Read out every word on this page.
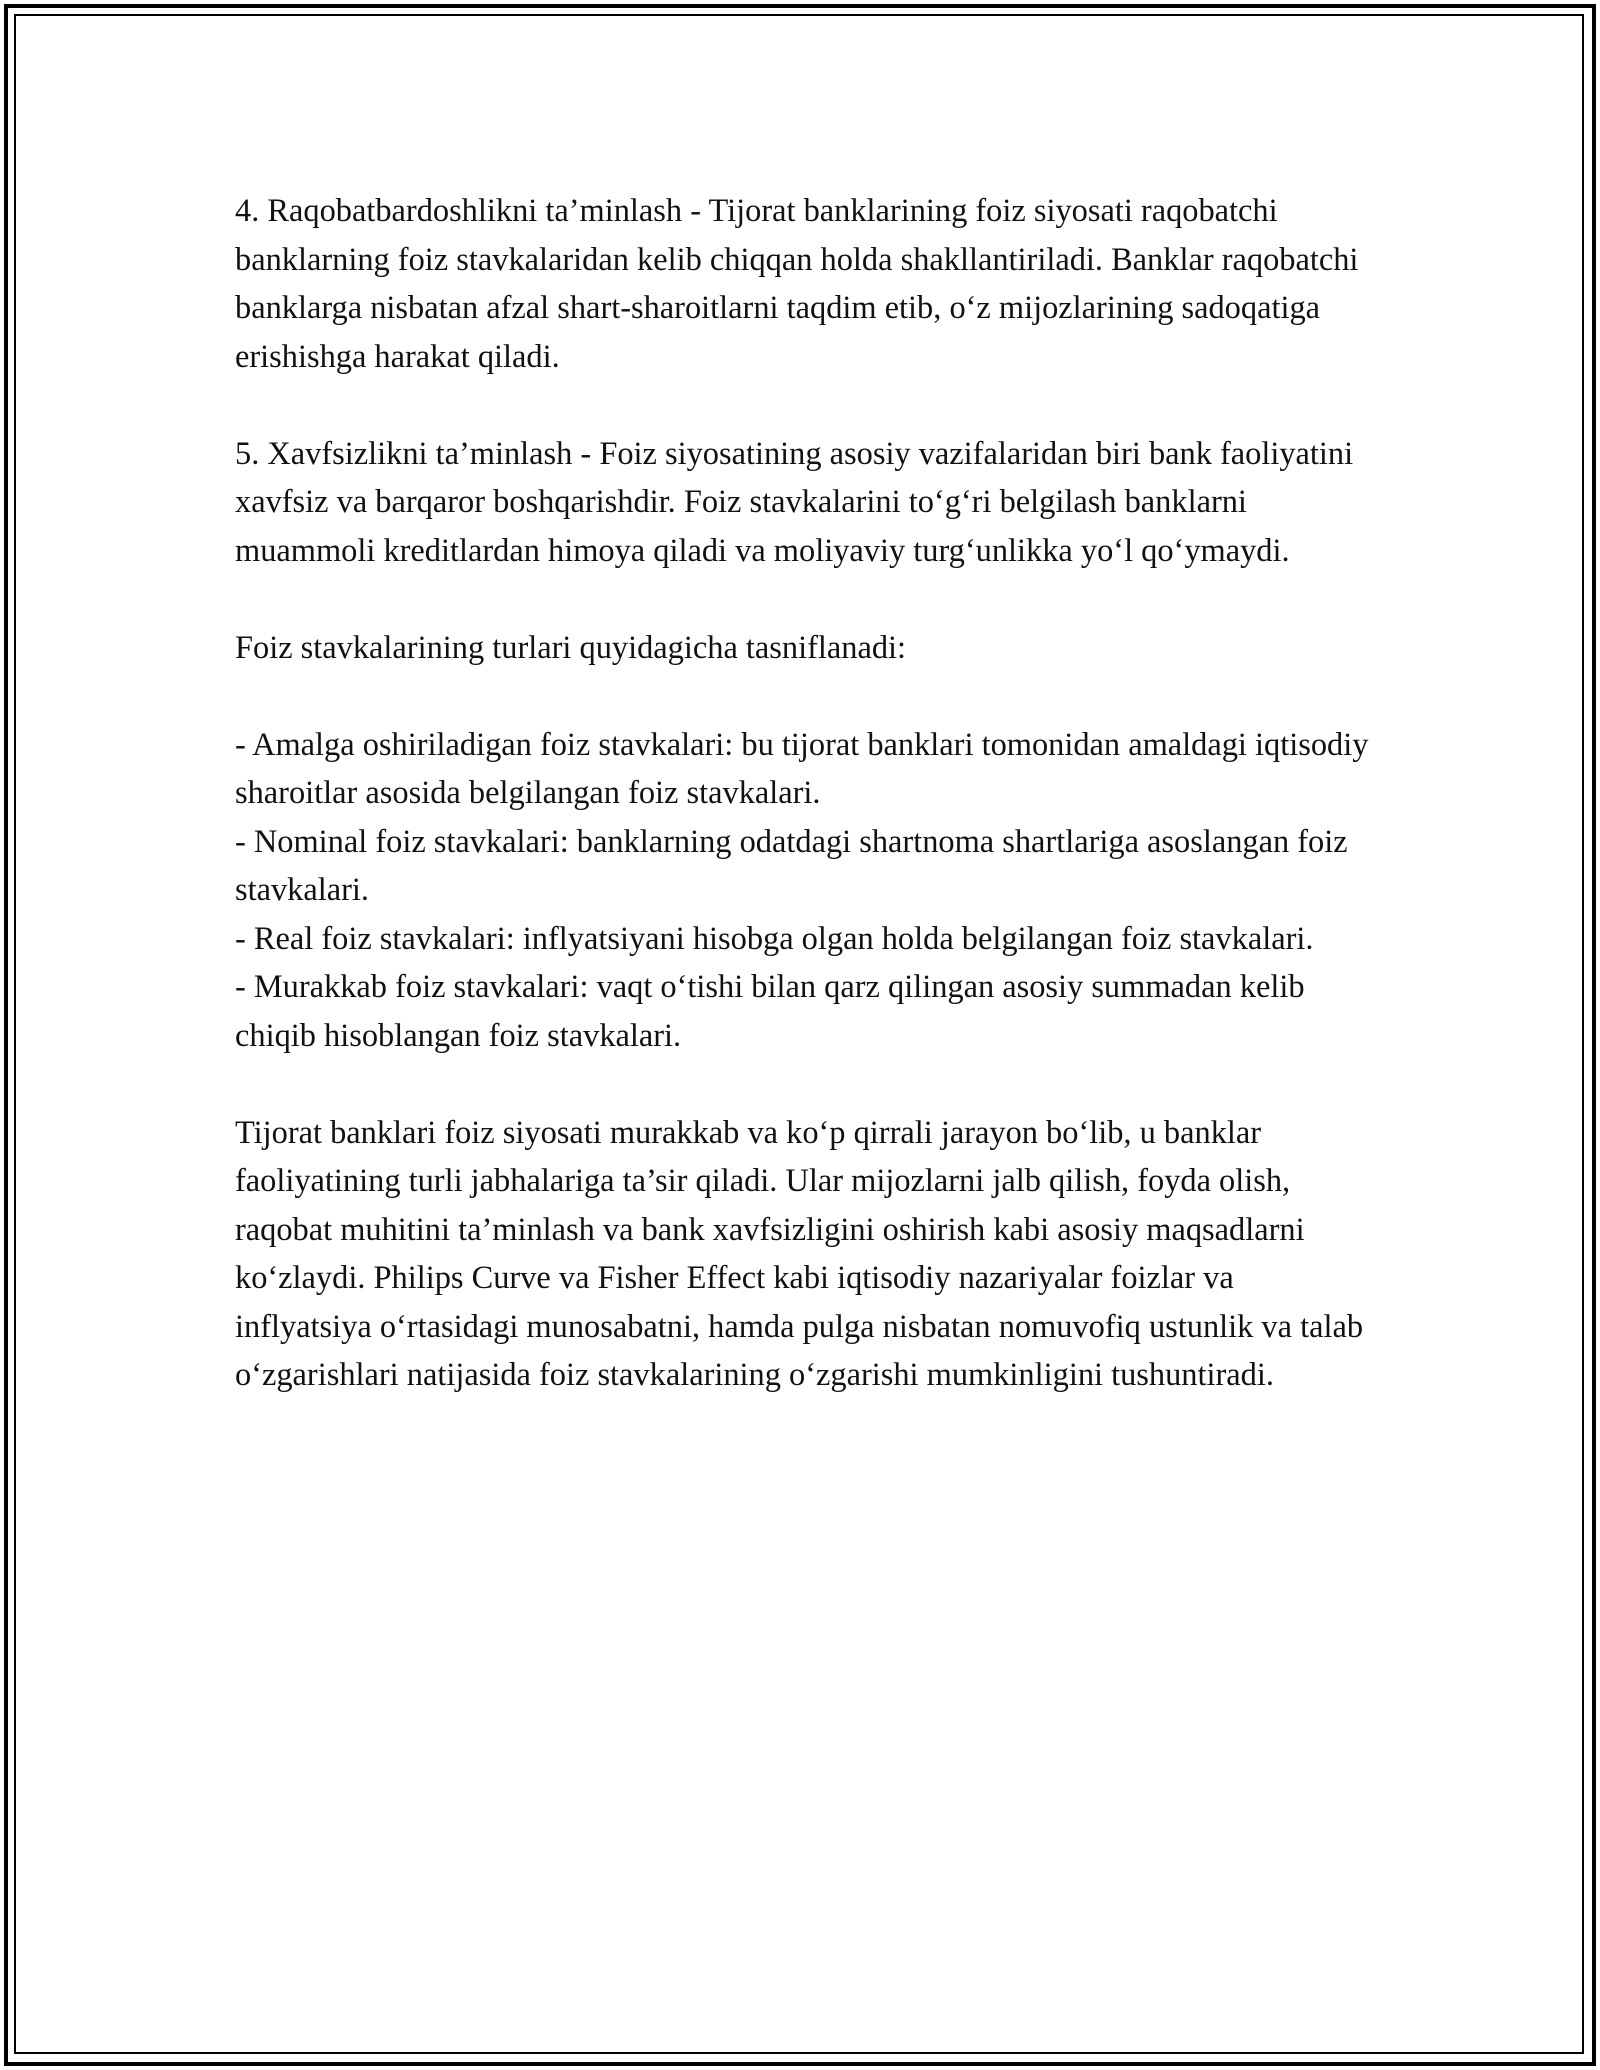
4. Raqobatbardoshlikni ta’minlash - Tijorat banklarining foiz siyosati raqobatchi banklarning foiz stavkalaridan kelib chiqqan holda shakllantiriladi. Banklar raqobatchi banklarga nisbatan afzal shart-sharoitlarni taqdim etib, o‘z mijozlarining sadoqatiga erishishga harakat qiladi.

5. Xavfsizlikni ta’minlash - Foiz siyosatining asosiy vazifalaridan biri bank faoliyatini xavfsiz va barqaror boshqarishdir. Foiz stavkalarini to‘g‘ri belgilash banklarni muammoli kreditlardan himoya qiladi va moliyaviy turg‘unlikka yo‘l qo‘ymaydi.

Foiz stavkalarining turlari quyidagicha tasniflanadi:

- Amalga oshiriladigan foiz stavkalari: bu tijorat banklari tomonidan amaldagi iqtisodiy sharoitlar asosida belgilangan foiz stavkalari.

- Nominal foiz stavkalari: banklarning odatdagi shartnoma shartlariga asoslangan foiz stavkalari.

- Real foiz stavkalari: inflyatsiyani hisobga olgan holda belgilangan foiz stavkalari.

- Murakkab foiz stavkalari: vaqt o‘tishi bilan qarz qilingan asosiy summadan kelib chiqib hisoblangan foiz stavkalari.

Tijorat banklari foiz siyosati murakkab va ko‘p qirrali jarayon bo‘lib, u banklar faoliyatining turli jabhalariga ta’sir qiladi. Ular mijozlarni jalb qilish, foyda olish, raqobat muhitini ta’minlash va bank xavfsizligini oshirish kabi asosiy maqsadlarni ko‘zlaydi. Philips Curve va Fisher Effect kabi iqtisodiy nazariyalar foizlar va inflyatsiya o‘rtasidagi munosabatni, hamda pulga nisbatan nomuvofiq ustunlik va talab o‘zgarishlari natijasida foiz stavkalarining o‘zgarishi mumkinligini tushuntiradi.
